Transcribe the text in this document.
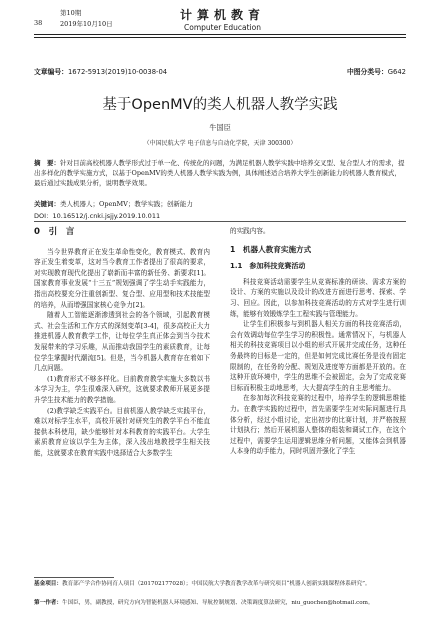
第10期
38	2019年10月10日
计算机教育
Computer Education
文章编号：1672-5913(2019)10-0038-04	中图分类号：G642
基于OpenMV的类人机器人教学实践
牛国臣
（中国民航大学 电子信息与自动化学院，天津 300300）
摘　要：针对目前高校机器人教学形式过于单一化、传统化的问题，为满足机器人教学实践中培养交叉型、复合型人才的需求，提出多样化的教学实施方式，以基于OpenMV的类人机器人教学实践为例，具体阐述适合培养大学生创新能力的机器人教育模式，最后通过实践成果分析，说明教学效果。
关键词：类人机器人；OpenMV；教学实践；创新能力
DOI：10.16512/j.cnki.jsjjy.2019.10.011
0　引　言

当今世界教育正在发生革命性变化，教育模式、教育内容正发生着变革，这对当今教育工作者提出了很高的要求，对实现教育现代化提出了崭新而丰富的新任务、新要求[1]。国家教育事业发展“十三五”规划强调了学生动手实践能力，指出高校要充分注重创新型、复合型、应用型和技术技能型的培养，从而增强国家核心竞争力[2]。

随着人工智能逐渐渗透到社会的各个领域，引起教育模式、社会生活和工作方式的深刻变革[3-4]，很多高校正大力推进机器人教育教学工作，让每位学生真正体会到当今技术发展带来的学习乐趣，从而推动我国学生的素质教育，让每位学生掌握时代潮流[5]。但是，当今机器人教育存在着如下几点问题。

(1)教育形式不够多样化。目前教育教学实施大多数以书本学习为主，学生很难深入研究，这就要求教师开展更多提升学生技术能力的教学措施。

(2)教学缺乏实践平台。目前机器人教学缺乏实践平台，难以对标学生水平，高校开展针对研究生的教学平台不能直接供本科使用，缺少能够针对本科教育的实践平台。大学生素质教育应该以学生为主体，深入浅出地教授学生相关技能，这就要求在教育实践中选择适合大多数学生

的实践内容。

1　机器人教育实施方式
1.1　参加科技竞赛活动

科技竞赛活动需要学生从竞赛标准的研读、需求方案的设计、方案的实施以及设计的改进方面进行思考、探索、学习、回应。因此，以参加科技竞赛活动的方式对学生进行训练，能够有效锻炼学生工程实践与管理能力。

让学生们积极参与到机器人相关方面的科技竞赛活动，会有效调动每位学生学习的积极性。通常情况下，与机器人相关的科技竞赛项目以小组的形式开展并完成任务，这种任务最终的目标是一定的，但是如何完成比赛任务是没有固定限制的，在任务的分配、规划及进度等方面都是开放的。在这种开放环境中，学生的思维不会被固定，会为了完成竞赛目标而积极主动地思考，大大提高学生的自主思考能力。

在参加每次科技竞赛的过程中，培养学生的逻辑思维能力。在教学实践的过程中，首先需要学生对实际问题进行具体分析，经过小组讨论，定出初步的比赛计划，并严格按照计划执行；然后开展机器人整体的组装和调试工作，在这个过程中，需要学生运用逻辑思维分析问题，又能体会到机器人本身的动手能力，同时巩固并强化了学生

基金项目：教育部产学合作协同育人项目（201702177028）；中国民航大学教育教学改革与研究项目“机器人创新实践课程体系研究”。
第一作者：牛国臣，男，副教授，研究方向为智能机器人环境感知、导航控制规划、决策调度算法研究，niu_guochen@hotmail.com。
